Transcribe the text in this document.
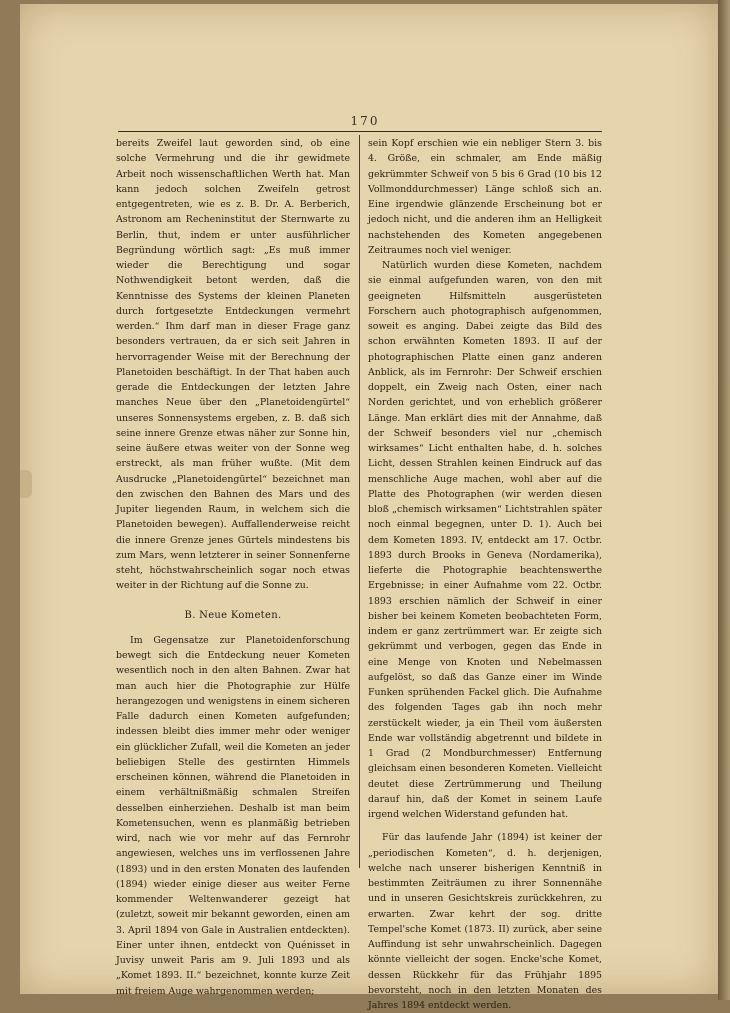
170

bereits Zweifel laut geworden sind, ob eine solche Vermehrung und die ihr gewidmete Arbeit noch wissenschaftlichen Werth hat. Man kann jedoch solchen Zweifeln getrost entgegentreten, wie es z. B. Dr. A. Berberich, Astronom am Recheninstitut der Sternwarte zu Berlin, thut, indem er unter ausführlicher Begründung wörtlich sagt: „Es muß immer wieder die Berechtigung und sogar Nothwendigkeit betont werden, daß die Kenntnisse des Systems der kleinen Planeten durch fortgesetzte Entdeckungen vermehrt werden.“ Ihm darf man in dieser Frage ganz besonders vertrauen, da er sich seit Jahren in hervorragender Weise mit der Berechnung der Planetoiden beschäftigt. In der That haben auch gerade die Entdeckungen der letzten Jahre manches Neue über den „Planetoidengürtel“ unseres Sonnensystems ergeben, z. B. daß sich seine innere Grenze etwas näher zur Sonne hin, seine äußere etwas weiter von der Sonne weg erstreckt, als man früher wußte. (Mit dem Ausdrucke „Planetoidengürtel“ bezeichnet man den zwischen den Bahnen des Mars und des Jupiter liegenden Raum, in welchem sich die Planetoiden bewegen). Auffallenderweise reicht die innere Grenze jenes Gürtels mindestens bis zum Mars, wenn letzterer in seiner Sonnenferne steht, höchstwahrscheinlich sogar noch etwas weiter in der Richtung auf die Sonne zu.

B. Neue Kometen.

Im Gegensatze zur Planetoidenforschung bewegt sich die Entdeckung neuer Kometen wesentlich noch in den alten Bahnen. Zwar hat man auch hier die Photographie zur Hülfe herangezogen und wenigstens in einem sicheren Falle dadurch einen Kometen aufgefunden; indessen bleibt dies immer mehr oder weniger ein glücklicher Zufall, weil die Kometen an jeder beliebigen Stelle des gestirnten Himmels erscheinen können, während die Planetoiden in einem verhältnißmäßig schmalen Streifen desselben einherziehen. Deshalb ist man beim Kometensuchen, wenn es planmäßig betrieben wird, nach wie vor mehr auf das Fernrohr angewiesen, welches uns im verflossenen Jahre (1893) und in den ersten Monaten des laufenden (1894) wieder einige dieser aus weiter Ferne kommender Weltenwanderer gezeigt hat (zuletzt, soweit mir bekannt geworden, einen am 3. April 1894 von Gale in Australien entdeckten). Einer unter ihnen, entdeckt von Quénisset in Juvisy unweit Paris am 9. Juli 1893 und als „Komet 1893. II.“ bezeichnet, konnte kurze Zeit mit freiem Auge wahrgenommen werden;

sein Kopf erschien wie ein nebliger Stern 3. bis 4. Größe, ein schmaler, am Ende mäßig gekrümmter Schweif von 5 bis 6 Grad (10 bis 12 Vollmonddurchmesser) Länge schloß sich an. Eine irgendwie glänzende Erscheinung bot er jedoch nicht, und die anderen ihm an Helligkeit nachstehenden des Kometen angegebenen Zeitraumes noch viel weniger.

Natürlich wurden diese Kometen, nachdem sie einmal aufgefunden waren, von den mit geeigneten Hilfsmitteln ausgerüsteten Forschern auch photographisch aufgenommen, soweit es anging. Dabei zeigte das Bild des schon erwähnten Kometen 1893. II auf der photographischen Platte einen ganz anderen Anblick, als im Fernrohr: Der Schweif erschien doppelt, ein Zweig nach Osten, einer nach Norden gerichtet, und von erheblich größerer Länge. Man erklärt dies mit der Annahme, daß der Schweif besonders viel nur „chemisch wirksames“ Licht enthalten habe, d. h. solches Licht, dessen Strahlen keinen Eindruck auf das menschliche Auge machen, wohl aber auf die Platte des Photographen (wir werden diesen bloß „chemisch wirksamen“ Lichtstrahlen später noch einmal begegnen, unter D. 1). Auch bei dem Kometen 1893. IV, entdeckt am 17. Octbr. 1893 durch Brooks in Geneva (Nordamerika), lieferte die Photographie beachtenswerthe Ergebnisse; in einer Aufnahme vom 22. Octbr. 1893 erschien nämlich der Schweif in einer bisher bei keinem Kometen beobachteten Form, indem er ganz zertrümmert war. Er zeigte sich gekrümmt und verbogen, gegen das Ende in eine Menge von Knoten und Nebelmassen aufgelöst, so daß das Ganze einer im Winde Funken sprühenden Fackel glich. Die Aufnahme des folgenden Tages gab ihn noch mehr zerstückelt wieder, ja ein Theil vom äußersten Ende war vollständig abgetrennt und bildete in 1 Grad (2 Mondburchmesser) Entfernung gleichsam einen besonderen Kometen. Vielleicht deutet diese Zertrümmerung und Theilung darauf hin, daß der Komet in seinem Laufe irgend welchen Widerstand gefunden hat.

Für das laufende Jahr (1894) ist keiner der „periodischen Kometen“, d. h. derjenigen, welche nach unserer bisherigen Kenntniß in bestimmten Zeiträumen zu ihrer Sonnennähe und in unseren Gesichtskreis zurückkehren, zu erwarten. Zwar kehrt der sog. dritte Tempel'sche Komet (1873. II) zurück, aber seine Auffindung ist sehr unwahrscheinlich. Dagegen könnte vielleicht der sogen. Encke'sche Komet, dessen Rückkehr für das Frühjahr 1895 bevorsteht, noch in den letzten Monaten des Jahres 1894 entdeckt werden.
